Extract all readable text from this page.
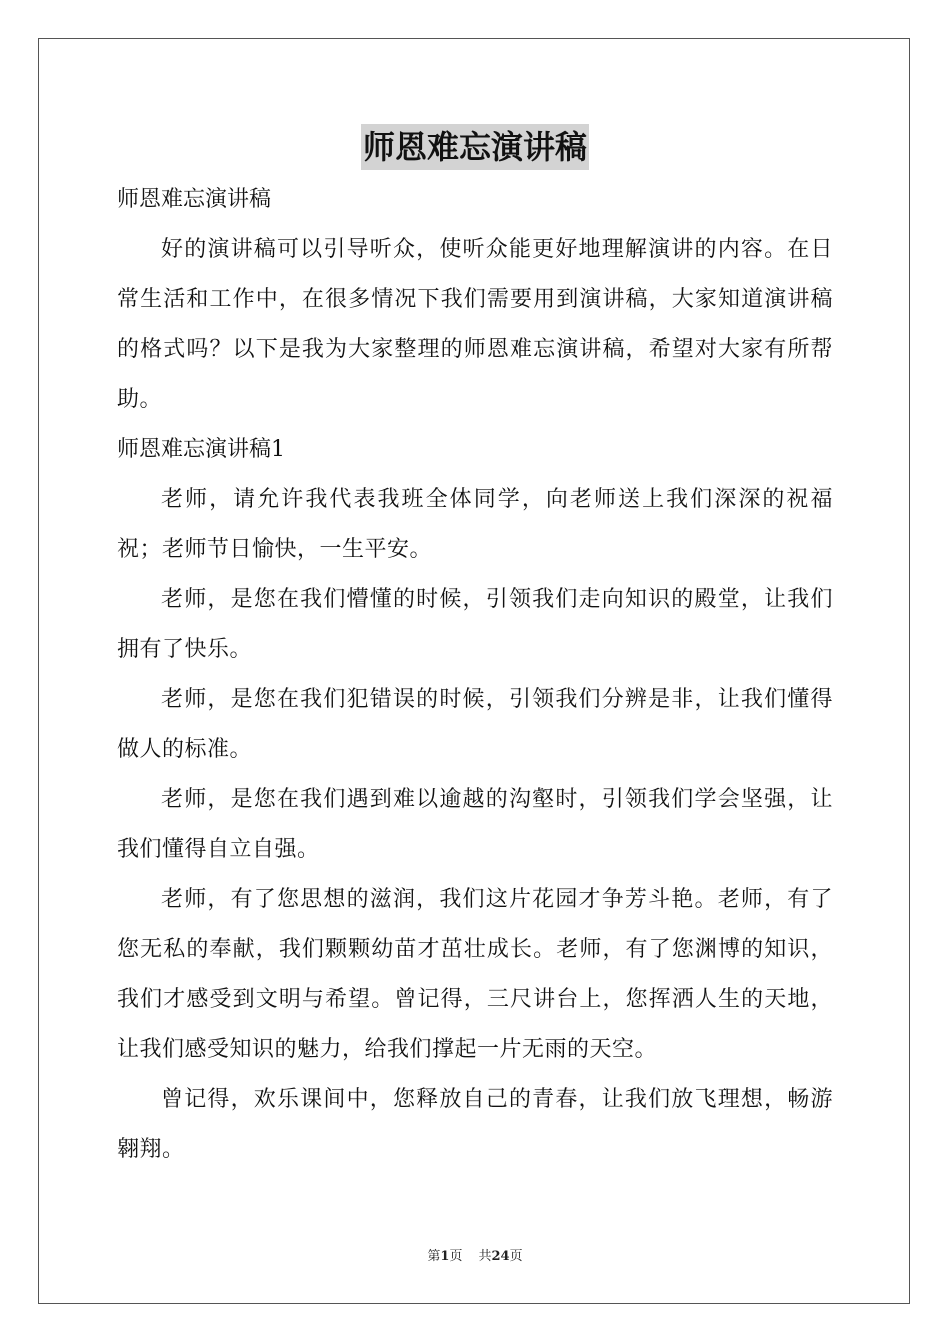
师恩难忘演讲稿

师恩难忘演讲稿

好的演讲稿可以引导听众，使听众能更好地理解演讲的内容。在日常生活和工作中，在很多情况下我们需要用到演讲稿，大家知道演讲稿的格式吗？以下是我为大家整理的师恩难忘演讲稿，希望对大家有所帮助。

师恩难忘演讲稿1

老师，请允许我代表我班全体同学，向老师送上我们深深的祝福祝；老师节日愉快，一生平安。

老师，是您在我们懵懂的时候，引领我们走向知识的殿堂，让我们拥有了快乐。

老师，是您在我们犯错误的时候，引领我们分辨是非，让我们懂得做人的标准。

老师，是您在我们遇到难以逾越的沟壑时，引领我们学会坚强，让我们懂得自立自强。

老师，有了您思想的滋润，我们这片花园才争芳斗艳。老师，有了您无私的奉献，我们颗颗幼苗才茁壮成长。老师，有了您渊博的知识，我们才感受到文明与希望。曾记得，三尺讲台上，您挥洒人生的天地，让我们感受知识的魅力，给我们撑起一片无雨的天空。

曾记得，欢乐课间中，您释放自己的青春，让我们放飞理想，畅游翱翔。

第1页 共24页
